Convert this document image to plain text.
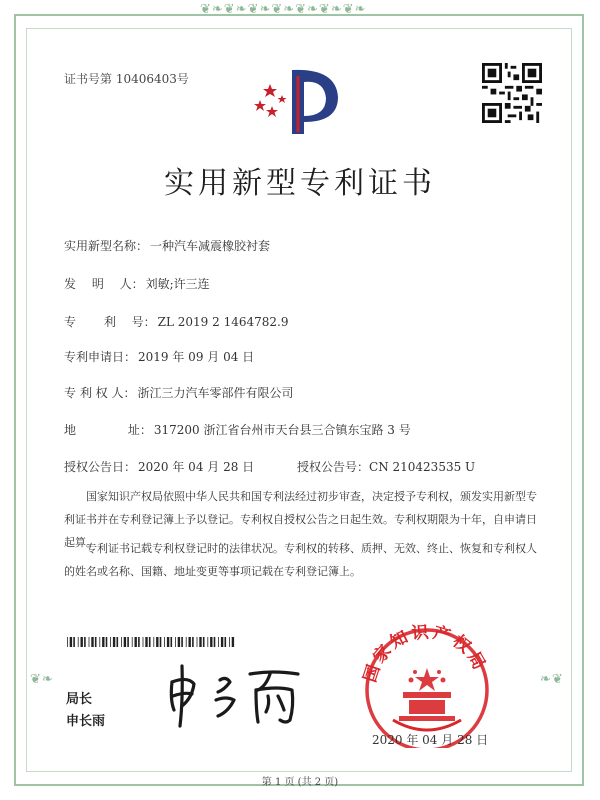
❦❧❦❧❦❧❦❧❦❧❦❧❦❧
❦❧	❧❦
证书号第 10406403号
实用新型专利证书
实用新型名称： 一种汽车减震橡胶衬套
发　 明　 人： 刘敏;许三连
专　　 利　 号： ZL 2019 2 1464782.9
专利申请日： 2019 年 09 月 04 日
专 利 权 人： 浙江三力汽车零部件有限公司
地　　　　 址： 317200 浙江省台州市天台县三合镇东宝路 3 号
授权公告日： 2020 年 04 月 28 日	授权公告号：CN 210423535 U
国家知识产权局依照中华人民共和国专利法经过初步审查，决定授予专利权，颁发实用新型专利证书并在专利登记簿上予以登记。专利权自授权公告之日起生效。专利权期限为十年，自申请日起算。
专利证书记载专利权登记时的法律状况。专利权的转移、质押、无效、终止、恢复和专利权人的姓名或名称、国籍、地址变更等事项记载在专利登记簿上。
局长
申长雨
国家知识产权局
2020 年 04 月 28 日
第 1 页 (共 2 页)
